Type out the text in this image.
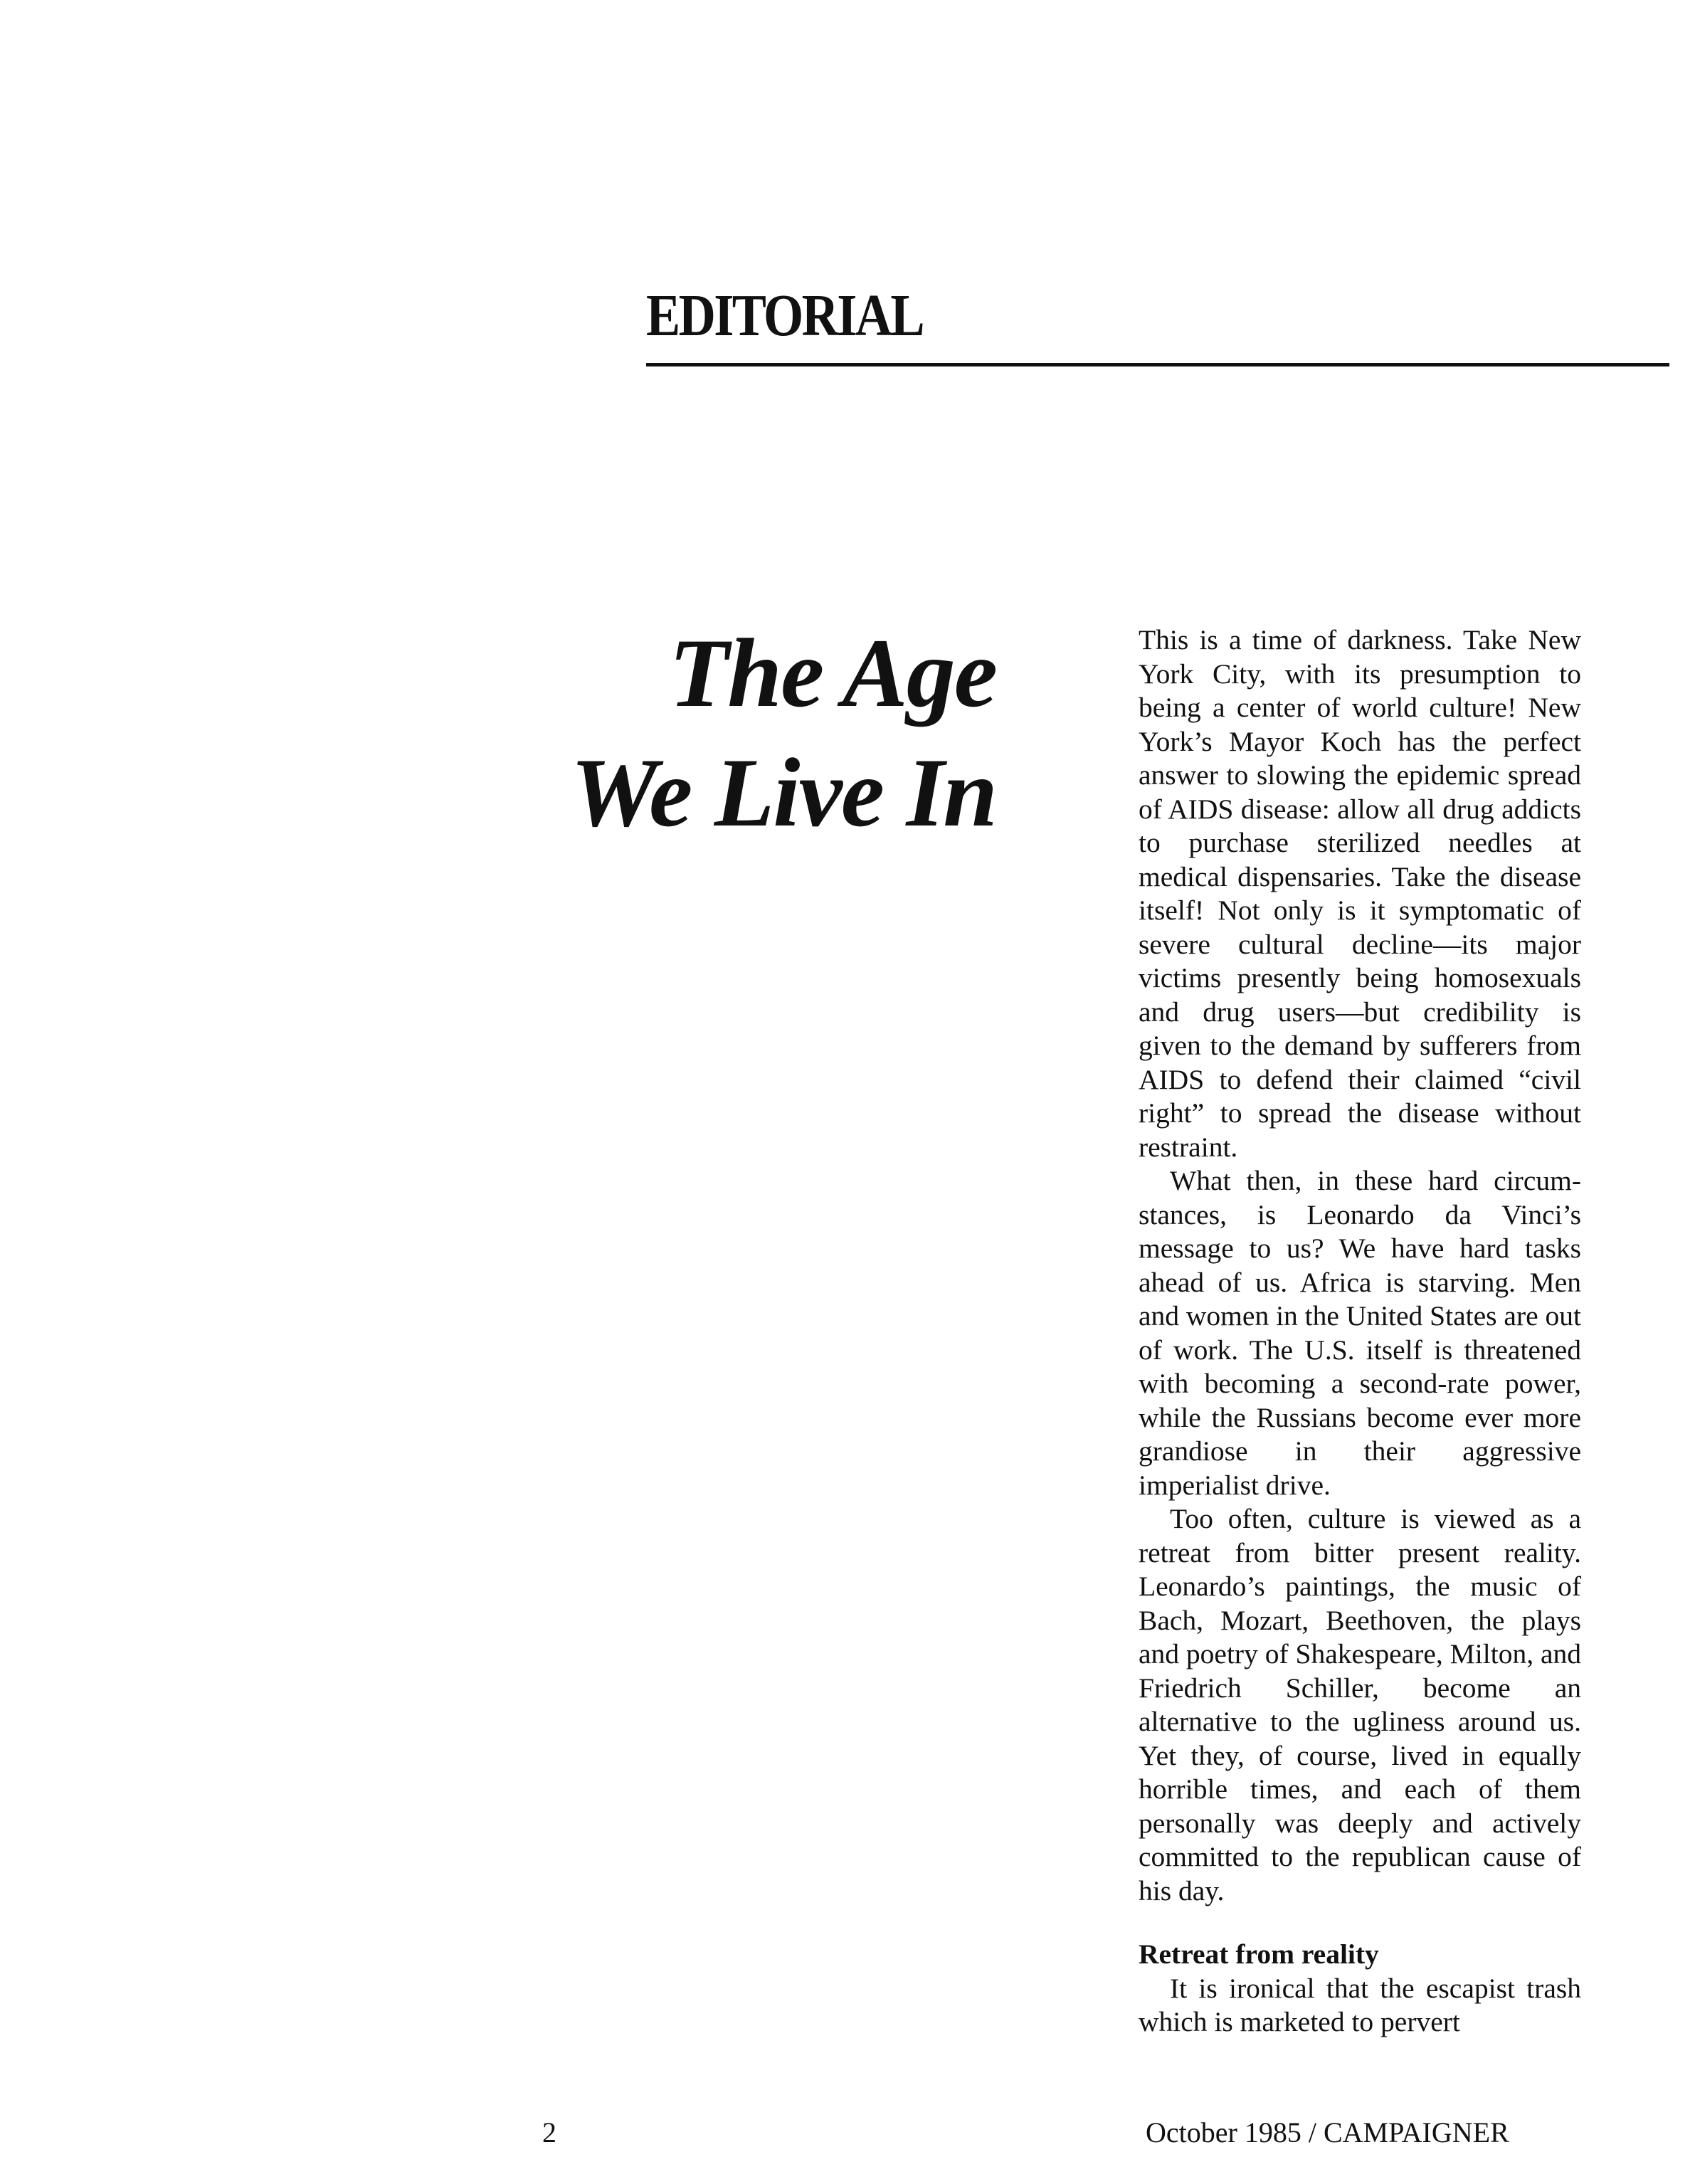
EDITORIAL
The Age
We Live In

This is a time of darkness. Take New York City, with its presumption to being a center of world culture! New York’s Mayor Koch has the perfect answer to slowing the epidemic spread of AIDS disease: allow all drug addicts to purchase sterilized needles at medical dispensaries. Take the disease itself! Not only is it symptomatic of severe cultural decline—its major victims presently being homosexuals and drug users—but credibility is given to the demand by sufferers from AIDS to defend their claimed “civil right” to spread the disease without restraint.

What then, in these hard circumstances, is Leonardo da Vinci’s message to us? We have hard tasks ahead of us. Africa is starving. Men and women in the United States are out of work. The U.S. itself is threatened with becoming a second-rate power, while the Russians become ever more grandiose in their aggressive imperialist drive.

Too often, culture is viewed as a retreat from bitter present reality. Leonardo’s paintings, the music of Bach, Mozart, Beethoven, the plays and poetry of Shakespeare, Milton, and Friedrich Schiller, become an alternative to the ugliness around us. Yet they, of course, lived in equally horrible times, and each of them personally was deeply and actively committed to the republican cause of his day.

Retreat from reality

It is ironical that the escapist trash which is marketed to pervert

2	October 1985 / CAMPAIGNER
